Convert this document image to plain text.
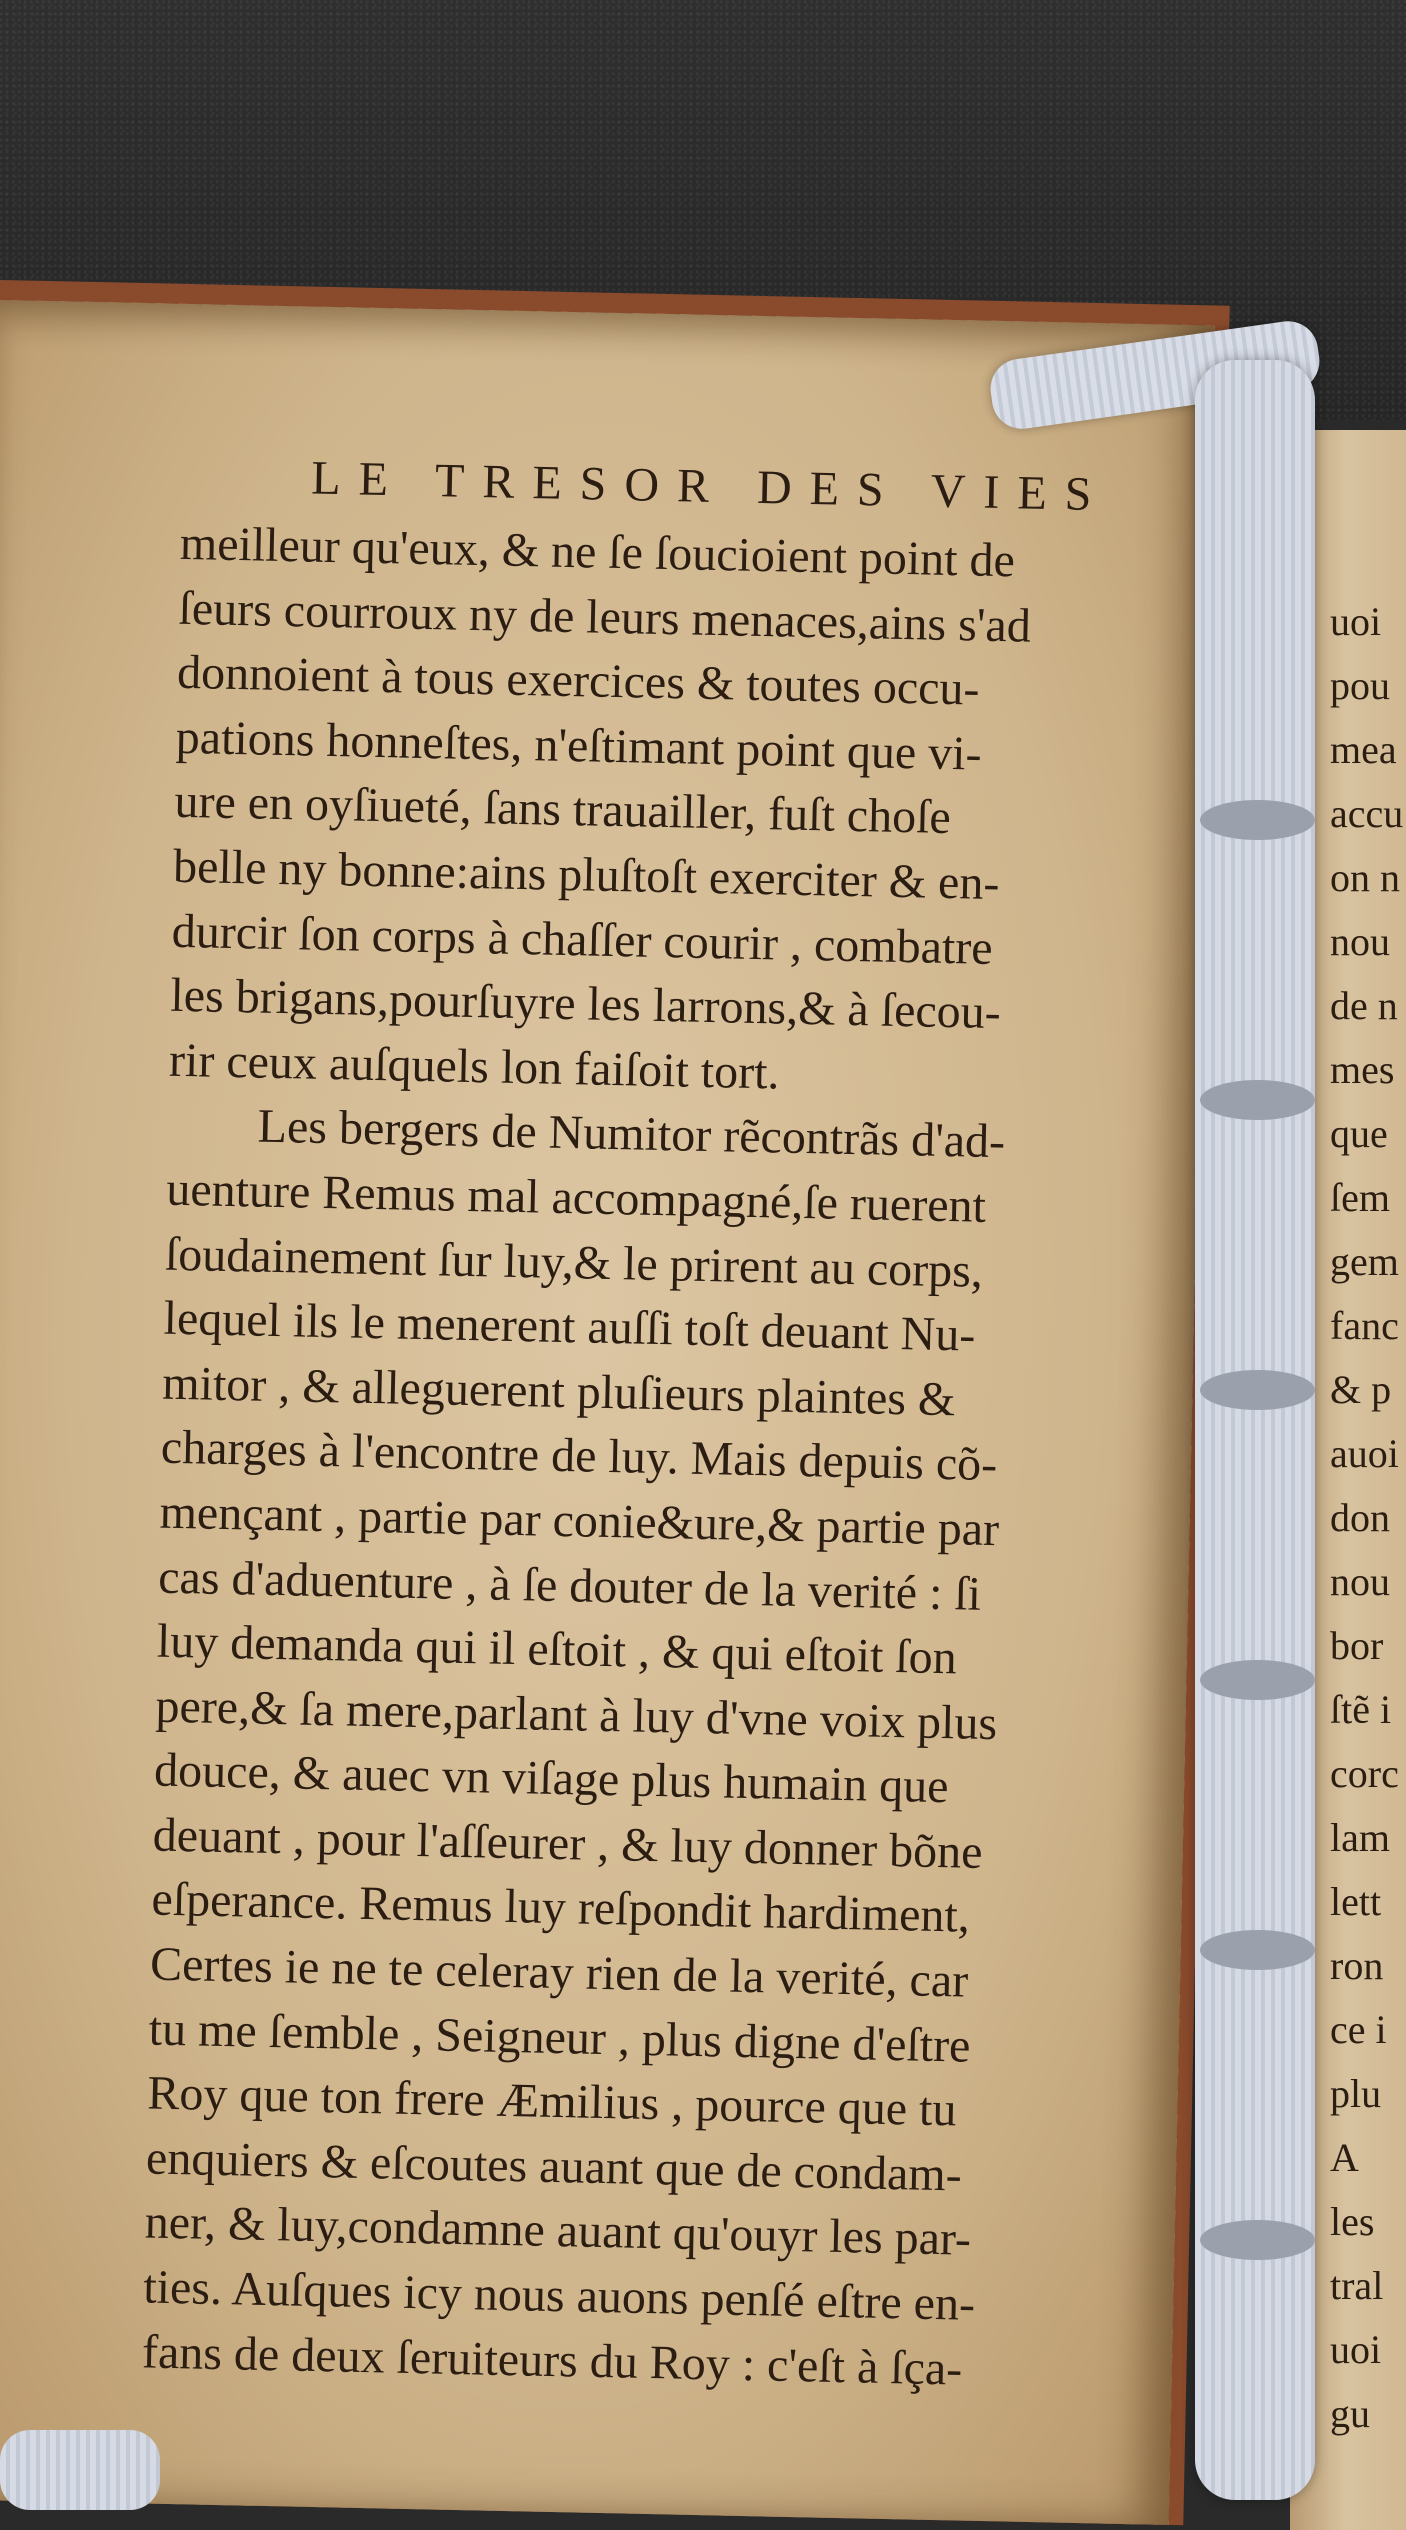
uoi
pou
mea
accu
on n
nou
de n
mes
que
ſem
gem
fanc
& p
auoi
don
nou
bor
ſtẽ i
corc
lam
lett
ron
ce i
plu
A
les
tral
uoi
gu
LE TRESOR DES VIES
meilleur qu'eux, & ne ſe ſoucioient point de
ſeurs courroux ny de leurs menaces,ains s'ad
donnoient à tous exercices & toutes occu-
pations honneſtes, n'eſtimant point que vi-
ure en oyſiueté, ſans trauailler, fuſt choſe
belle ny bonne:ains pluſtoſt exerciter & en-
durcir ſon corps à chaſſer courir , combatre
les brigans,pourſuyre les larrons,& à ſecou-
rir ceux auſquels lon faiſoit tort.
Les bergers de Numitor rẽcontrãs d'ad-
uenture Remus mal accompagné,ſe ruerent
ſoudainement ſur luy,& le prirent au corps,
lequel ils le menerent auſſi toſt deuant Nu-
mitor , & alleguerent pluſieurs plaintes &
charges à l'encontre de luy. Mais depuis cõ-
mençant , partie par conie&ure,& partie par
cas d'aduenture , à ſe douter de la verité : ſi
luy demanda qui il eſtoit , & qui eſtoit ſon
pere,& ſa mere,parlant à luy d'vne voix plus
douce, & auec vn viſage plus humain que
deuant , pour l'aſſeurer , & luy donner bõne
eſperance. Remus luy reſpondit hardiment,
Certes ie ne te celeray rien de la verité, car
tu me ſemble , Seigneur , plus digne d'eſtre
Roy que ton frere Æmilius , pource que tu
enquiers & eſcoutes auant que de condam-
ner, & luy,condamne auant qu'ouyr les par-
ties. Auſques icy nous auons penſé eſtre en-
fans de deux ſeruiteurs du Roy : c'eſt à ſça-
